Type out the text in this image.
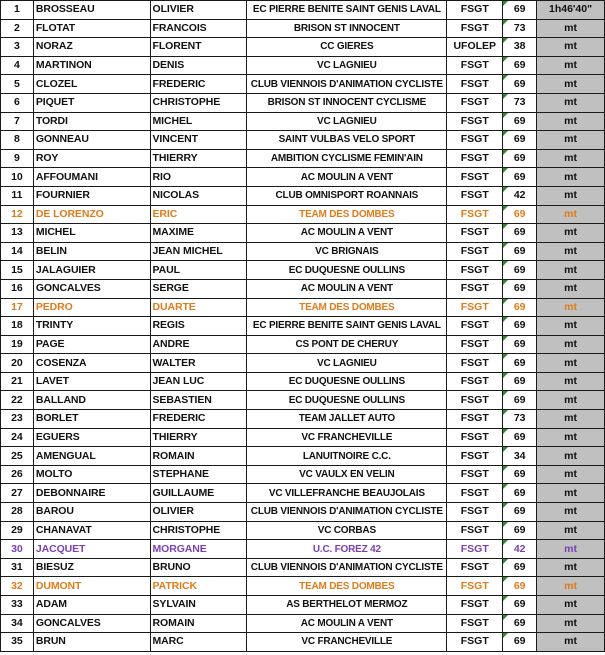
1	BROSSEAU	OLIVIER	EC PIERRE BENITE SAINT GENIS LAVAL	FSGT	69	1h46'40"
2	FLOTAT	FRANCOIS	BRISON ST INNOCENT	FSGT	73	mt
3	NORAZ	FLORENT	CC GIERES	UFOLEP	38	mt
4	MARTINON	DENIS	VC LAGNIEU	FSGT	69	mt
5	CLOZEL	FREDERIC	CLUB VIENNOIS D'ANIMATION CYCLISTE	FSGT	69	mt
6	PIQUET	CHRISTOPHE	BRISON ST INNOCENT CYCLISME	FSGT	73	mt
7	TORDI	MICHEL	VC LAGNIEU	FSGT	69	mt
8	GONNEAU	VINCENT	SAINT VULBAS VELO SPORT	FSGT	69	mt
9	ROY	THIERRY	AMBITION CYCLISME FEMIN'AIN	FSGT	69	mt
10	AFFOUMANI	RIO	AC MOULIN A VENT	FSGT	69	mt
11	FOURNIER	NICOLAS	CLUB OMNISPORT ROANNAIS	FSGT	42	mt
12	DE LORENZO	ERIC	TEAM DES DOMBES	FSGT	69	mt
13	MICHEL	MAXIME	AC MOULIN A VENT	FSGT	69	mt
14	BELIN	JEAN MICHEL	VC BRIGNAIS	FSGT	69	mt
15	JALAGUIER	PAUL	EC DUQUESNE OULLINS	FSGT	69	mt
16	GONCALVES	SERGE	AC MOULIN A VENT	FSGT	69	mt
17	PEDRO	DUARTE	TEAM DES DOMBES	FSGT	69	mt
18	TRINTY	REGIS	EC PIERRE BENITE SAINT GENIS LAVAL	FSGT	69	mt
19	PAGE	ANDRE	CS PONT DE CHERUY	FSGT	69	mt
20	COSENZA	WALTER	VC LAGNIEU	FSGT	69	mt
21	LAVET	JEAN LUC	EC DUQUESNE OULLINS	FSGT	69	mt
22	BALLAND	SEBASTIEN	EC DUQUESNE OULLINS	FSGT	69	mt
23	BORLET	FREDERIC	TEAM JALLET AUTO	FSGT	73	mt
24	EGUERS	THIERRY	VC FRANCHEVILLE	FSGT	69	mt
25	AMENGUAL	ROMAIN	LANUITNOIRE C.C.	FSGT	34	mt
26	MOLTO	STEPHANE	VC VAULX EN VELIN	FSGT	69	mt
27	DEBONNAIRE	GUILLAUME	VC VILLEFRANCHE BEAUJOLAIS	FSGT	69	mt
28	BAROU	OLIVIER	CLUB VIENNOIS D'ANIMATION CYCLISTE	FSGT	69	mt
29	CHANAVAT	CHRISTOPHE	VC CORBAS	FSGT	69	mt
30	JACQUET	MORGANE	U.C. FOREZ 42	FSGT	42	mt
31	BIESUZ	BRUNO	CLUB VIENNOIS D'ANIMATION CYCLISTE	FSGT	69	mt
32	DUMONT	PATRICK	TEAM DES DOMBES	FSGT	69	mt
33	ADAM	SYLVAIN	AS BERTHELOT MERMOZ	FSGT	69	mt
34	GONCALVES	ROMAIN	AC MOULIN A VENT	FSGT	69	mt
35	BRUN	MARC	VC FRANCHEVILLE	FSGT	69	mt
